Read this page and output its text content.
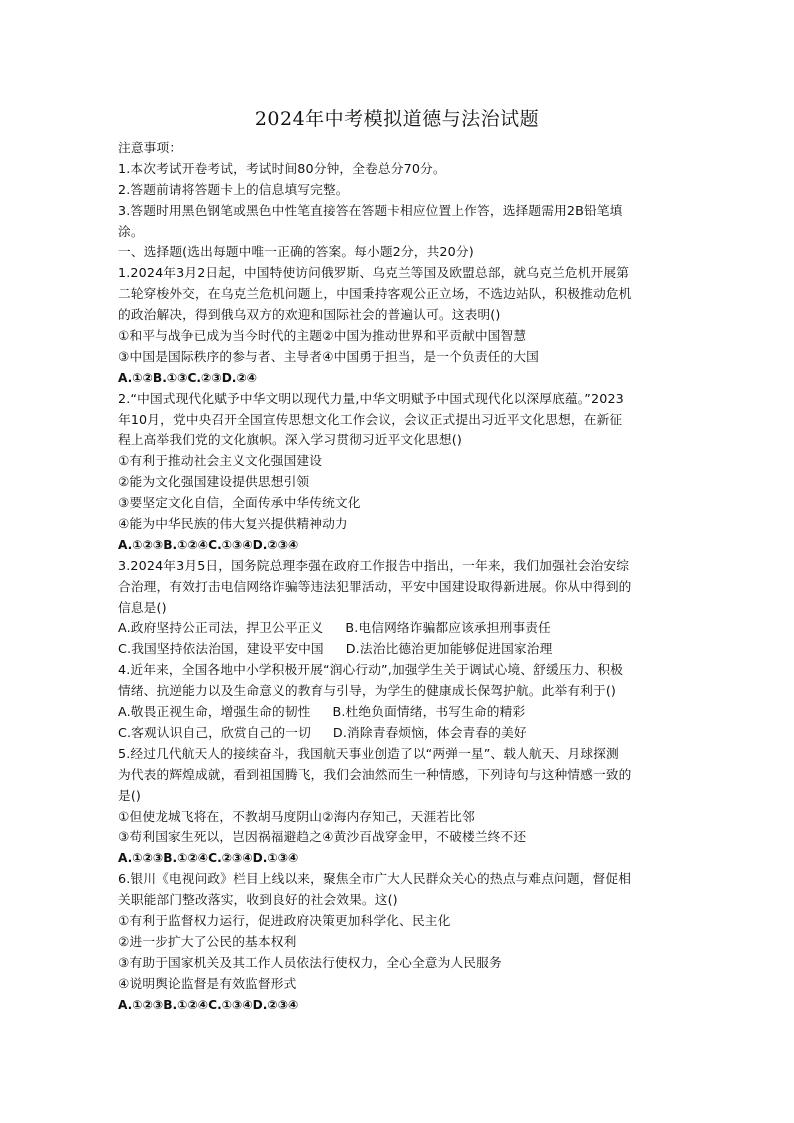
2024年中考模拟道德与法治试题
注意事项：
1.本次考试开卷考试，考试时间80分钟，全卷总分70分。
2.答题前请将答题卡上的信息填写完整。
3.答题时用黑色钢笔或黑色中性笔直接答在答题卡相应位置上作答，选择题需用2B铅笔填
涂。
一、选择题(选出每题中唯一正确的答案。每小题2分，共20分)
1.2024年3月2日起，中国特使访问俄罗斯、乌克兰等国及欧盟总部，就乌克兰危机开展第
二轮穿梭外交，在乌克兰危机问题上，中国秉持客观公正立场，不选边站队，积极推动危机
的政治解决，得到俄乌双方的欢迎和国际社会的普遍认可。这表明()
①和平与战争已成为当今时代的主题②中国为推动世界和平贡献中国智慧
③中国是国际秩序的参与者、主导者④中国勇于担当，是一个负责任的大国
A.①②B.①③C.②③D.②④
2.“中国式现代化赋予中华文明以现代力量,中华文明赋予中国式现代化以深厚底蕴。”2023
年10月，党中央召开全国宣传思想文化工作会议，会议正式提出习近平文化思想，在新征
程上高举我们党的文化旗帜。深入学习贯彻习近平文化思想()
①有利于推动社会主义文化强国建设
②能为文化强国建设提供思想引领
③要坚定文化自信，全面传承中华传统文化
④能为中华民族的伟大复兴提供精神动力
A.①②③B.①②④C.①③④D.②③④
3.2024年3月5日，国务院总理李强在政府工作报告中指出，一年来，我们加强社会治安综
合治理，有效打击电信网络诈骗等违法犯罪活动，平安中国建设取得新进展。你从中得到的
信息是()
A.政府坚持公正司法，捍卫公平正义 B.电信网络诈骗都应该承担刑事责任
C.我国坚持依法治国，建设平安中国 D.法治比德治更加能够促进国家治理
4.近年来，全国各地中小学积极开展“润心行动”,加强学生关于调试心境、舒缓压力、积极
情绪、抗逆能力以及生命意义的教育与引导，为学生的健康成长保驾护航。此举有利于()
A.敬畏正视生命，增强生命的韧性 B.杜绝负面情绪，书写生命的精彩
C.客观认识自己，欣赏自己的一切 D.消除青春烦恼，体会青春的美好
5.经过几代航天人的接续奋斗，我国航天事业创造了以“两弹一星”、载人航天、月球探测
为代表的辉煌成就，看到祖国腾飞，我们会油然而生一种情感，下列诗句与这种情感一致的
是()
①但使龙城飞将在，不教胡马度阴山②海内存知己，天涯若比邻
③苟利国家生死以，岂因祸福避趋之④黄沙百战穿金甲，不破楼兰终不还
A.①②③B.①②④C.②③④D.①③④
6.银川《电视问政》栏目上线以来，聚焦全市广大人民群众关心的热点与难点问题，督促相
关职能部门整改落实，收到良好的社会效果。这()
①有利于监督权力运行，促进政府决策更加科学化、民主化
②进一步扩大了公民的基本权利
③有助于国家机关及其工作人员依法行使权力，全心全意为人民服务
④说明舆论监督是有效监督形式
A.①②③B.①②④C.①③④D.②③④
